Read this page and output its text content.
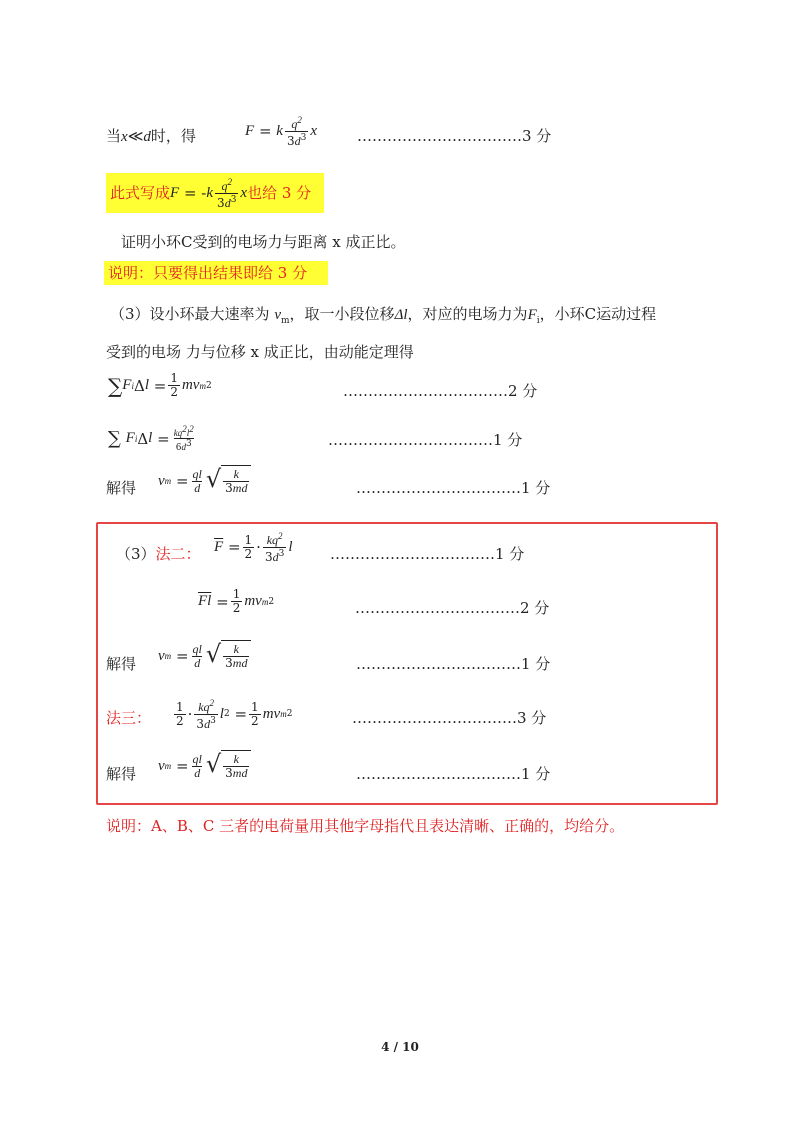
当x≪d时，得	F = k $\frac{q^2}{3d^3}$ x	……………………………3 分
此式写成 F = - k $\frac{q^2}{3d^3}$ x 也给 3 分
证明小环C受到的电场力与距离 x 成正比。
说明：只要得出结果即给 3 分
（3）设小环最大速率为 $v_m$，取一小段位移Δl，对应的电场力为$F_i$，小环C运动过程
受到的电场 力与位移 x 成正比，由动能定理得
∑ F i Δ $l = \frac{1}{2}$ mv m 2	……………………………2 分
∑
F i Δ $l = \frac{kq^2l^2}{6d^3}$	……………………………1 分
解得 v $m = \frac{ql}{d}$ √ $\frac{k}{3md}$	……………………………1 分
（3）法二： $\overline{F} = \frac{1}{2} \cdot \frac{kq^2}{3d^3}$ l	……………………………1 分
$\overline{Fl} = \frac{1}{2}$ mv m 2	……………………………2 分
解得 v $m = \frac{ql}{d}$ √ $\frac{k}{3md}$	……………………………1 分
法三： $\frac{1}{2} \cdot \frac{kq^2}{3d^3}$ l $2 = \frac{1}{2}$ mv m 2	……………………………3 分
解得 v $m = \frac{ql}{d}$ √ $\frac{k}{3md}$	……………………………1 分
说明：A、B、C 三者的电荷量用其他字母指代且表达清晰、正确的，均给分。
4 / 10
